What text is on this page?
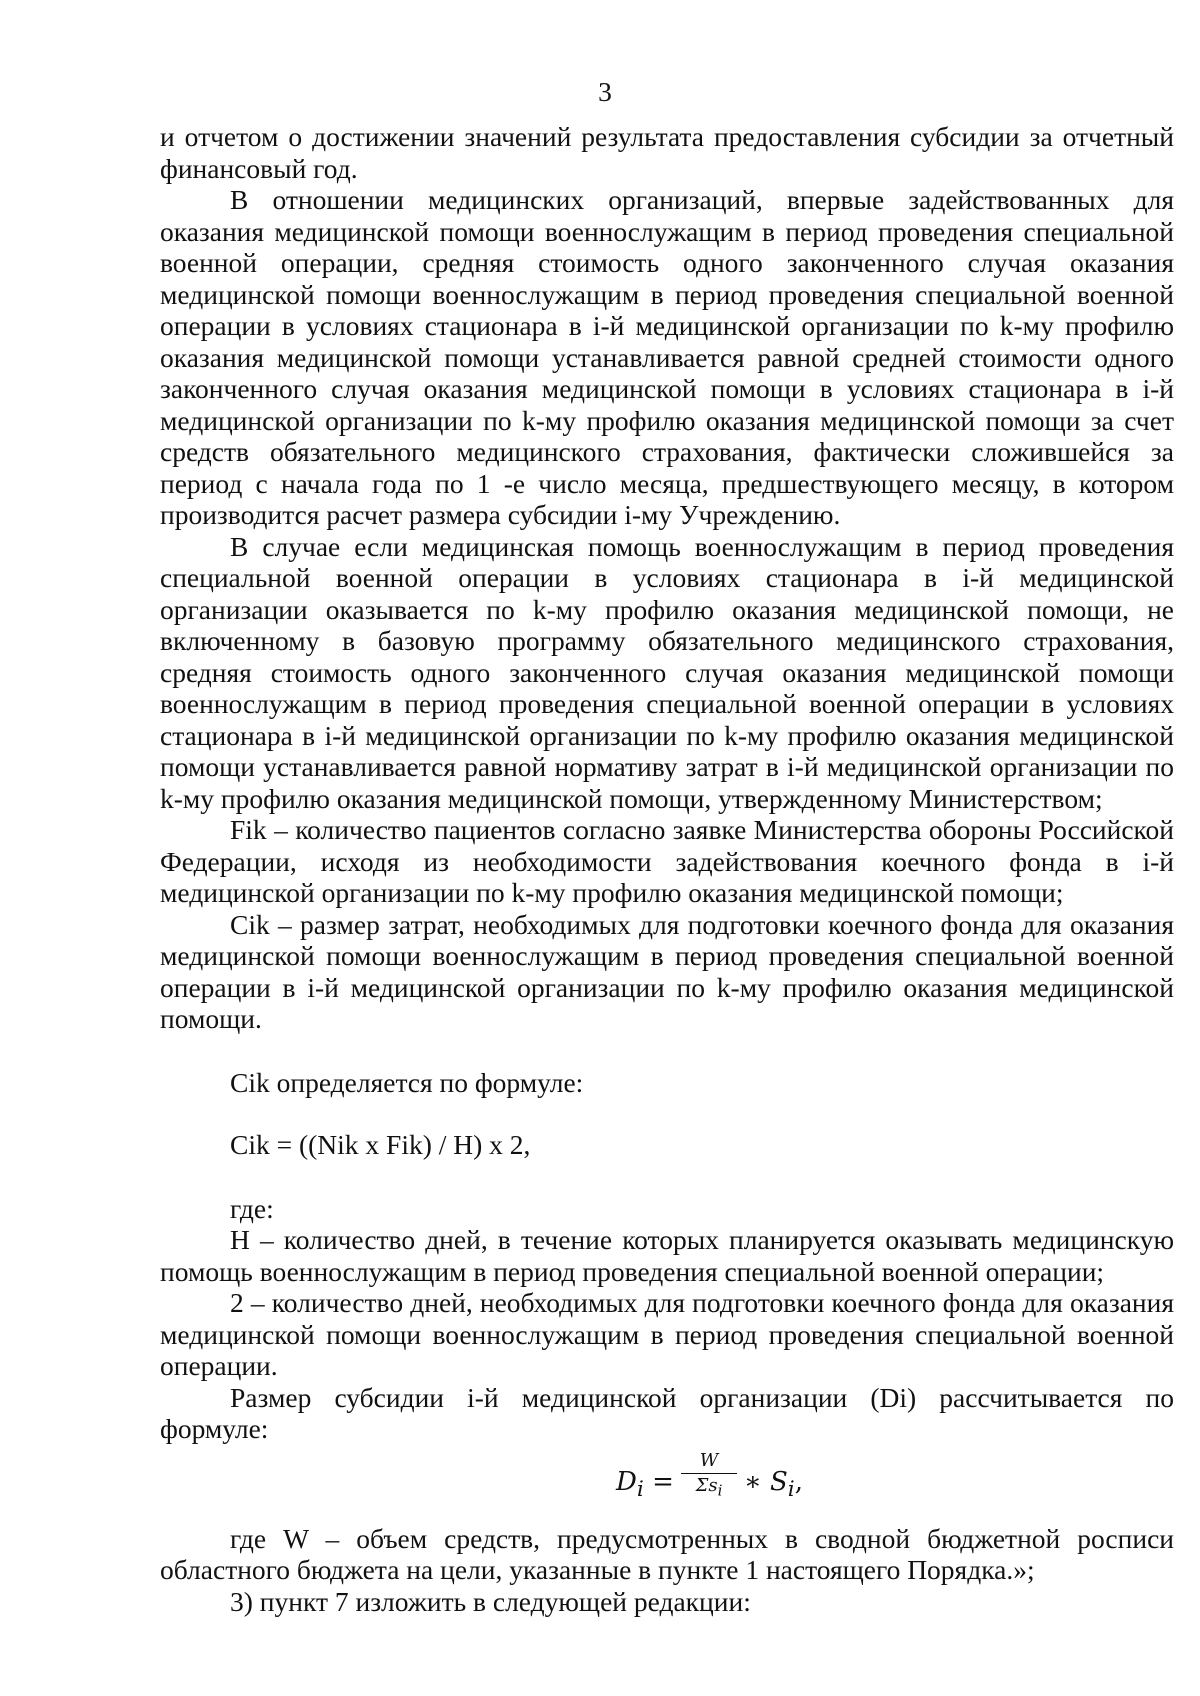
3

и отчетом о достижении значений результата предоставления субсидии за отчетный финансовый год.

В отношении медицинских организаций, впервые задействованных для оказания медицинской помощи военнослужащим в период проведения специальной военной операции, средняя стоимость одного законченного случая оказания медицинской помощи военнослужащим в период проведения специальной военной операции в условиях стационара в i-й медицинской организации по k-му профилю оказания медицинской помощи устанавливается равной средней стоимости одного законченного случая оказания медицинской помощи в условиях стационара в i-й медицинской организации по k-му профилю оказания медицинской помощи за счет средств обязательного медицинского страхования, фактически сложившейся за период с начала года по 1 -е число месяца, предшествующего месяцу, в котором производится расчет размера субсидии i-му Учреждению.

В случае если медицинская помощь военнослужащим в период проведения специальной военной операции в условиях стационара в i-й медицинской организации оказывается по k-му профилю оказания медицинской помощи, не включенному в базовую программу обязательного медицинского страхования, средняя стоимость одного законченного случая оказания медицинской помощи военнослужащим в период проведения специальной военной операции в условиях стационара в i-й медицинской организации по k-му профилю оказания медицинской помощи устанавливается равной нормативу затрат в i-й медицинской организации по k-му профилю оказания медицинской помощи, утвержденному Министерством;

Fik – количество пациентов согласно заявке Министерства обороны Российской Федерации, исходя из необходимости задействования коечного фонда в i-й медицинской организации по k-му профилю оказания медицинской помощи;

Cik – размер затрат, необходимых для подготовки коечного фонда для оказания медицинской помощи военнослужащим в период проведения специальной военной операции в i-й медицинской организации по k-му профилю оказания медицинской помощи.

Cik определяется по формуле:

Cik = ((Nik x Fik) / H) x 2,

где:

Н – количество дней, в течение которых планируется оказывать медицинскую помощь военнослужащим в период проведения специальной военной операции;

2 – количество дней, необходимых для подготовки коечного фонда для оказания медицинской помощи военнослужащим в период проведения специальной военной операции.

Размер субсидии i-й медицинской организации (Di) рассчитывается по формуле:

$D_i$ =
W
$\Sigma s_i$ ∗ $S_i$,

где W – объем средств, предусмотренных в сводной бюджетной росписи областного бюджета на цели, указанные в пункте 1 настоящего Порядка.»;

3) пункт 7 изложить в следующей редакции:
